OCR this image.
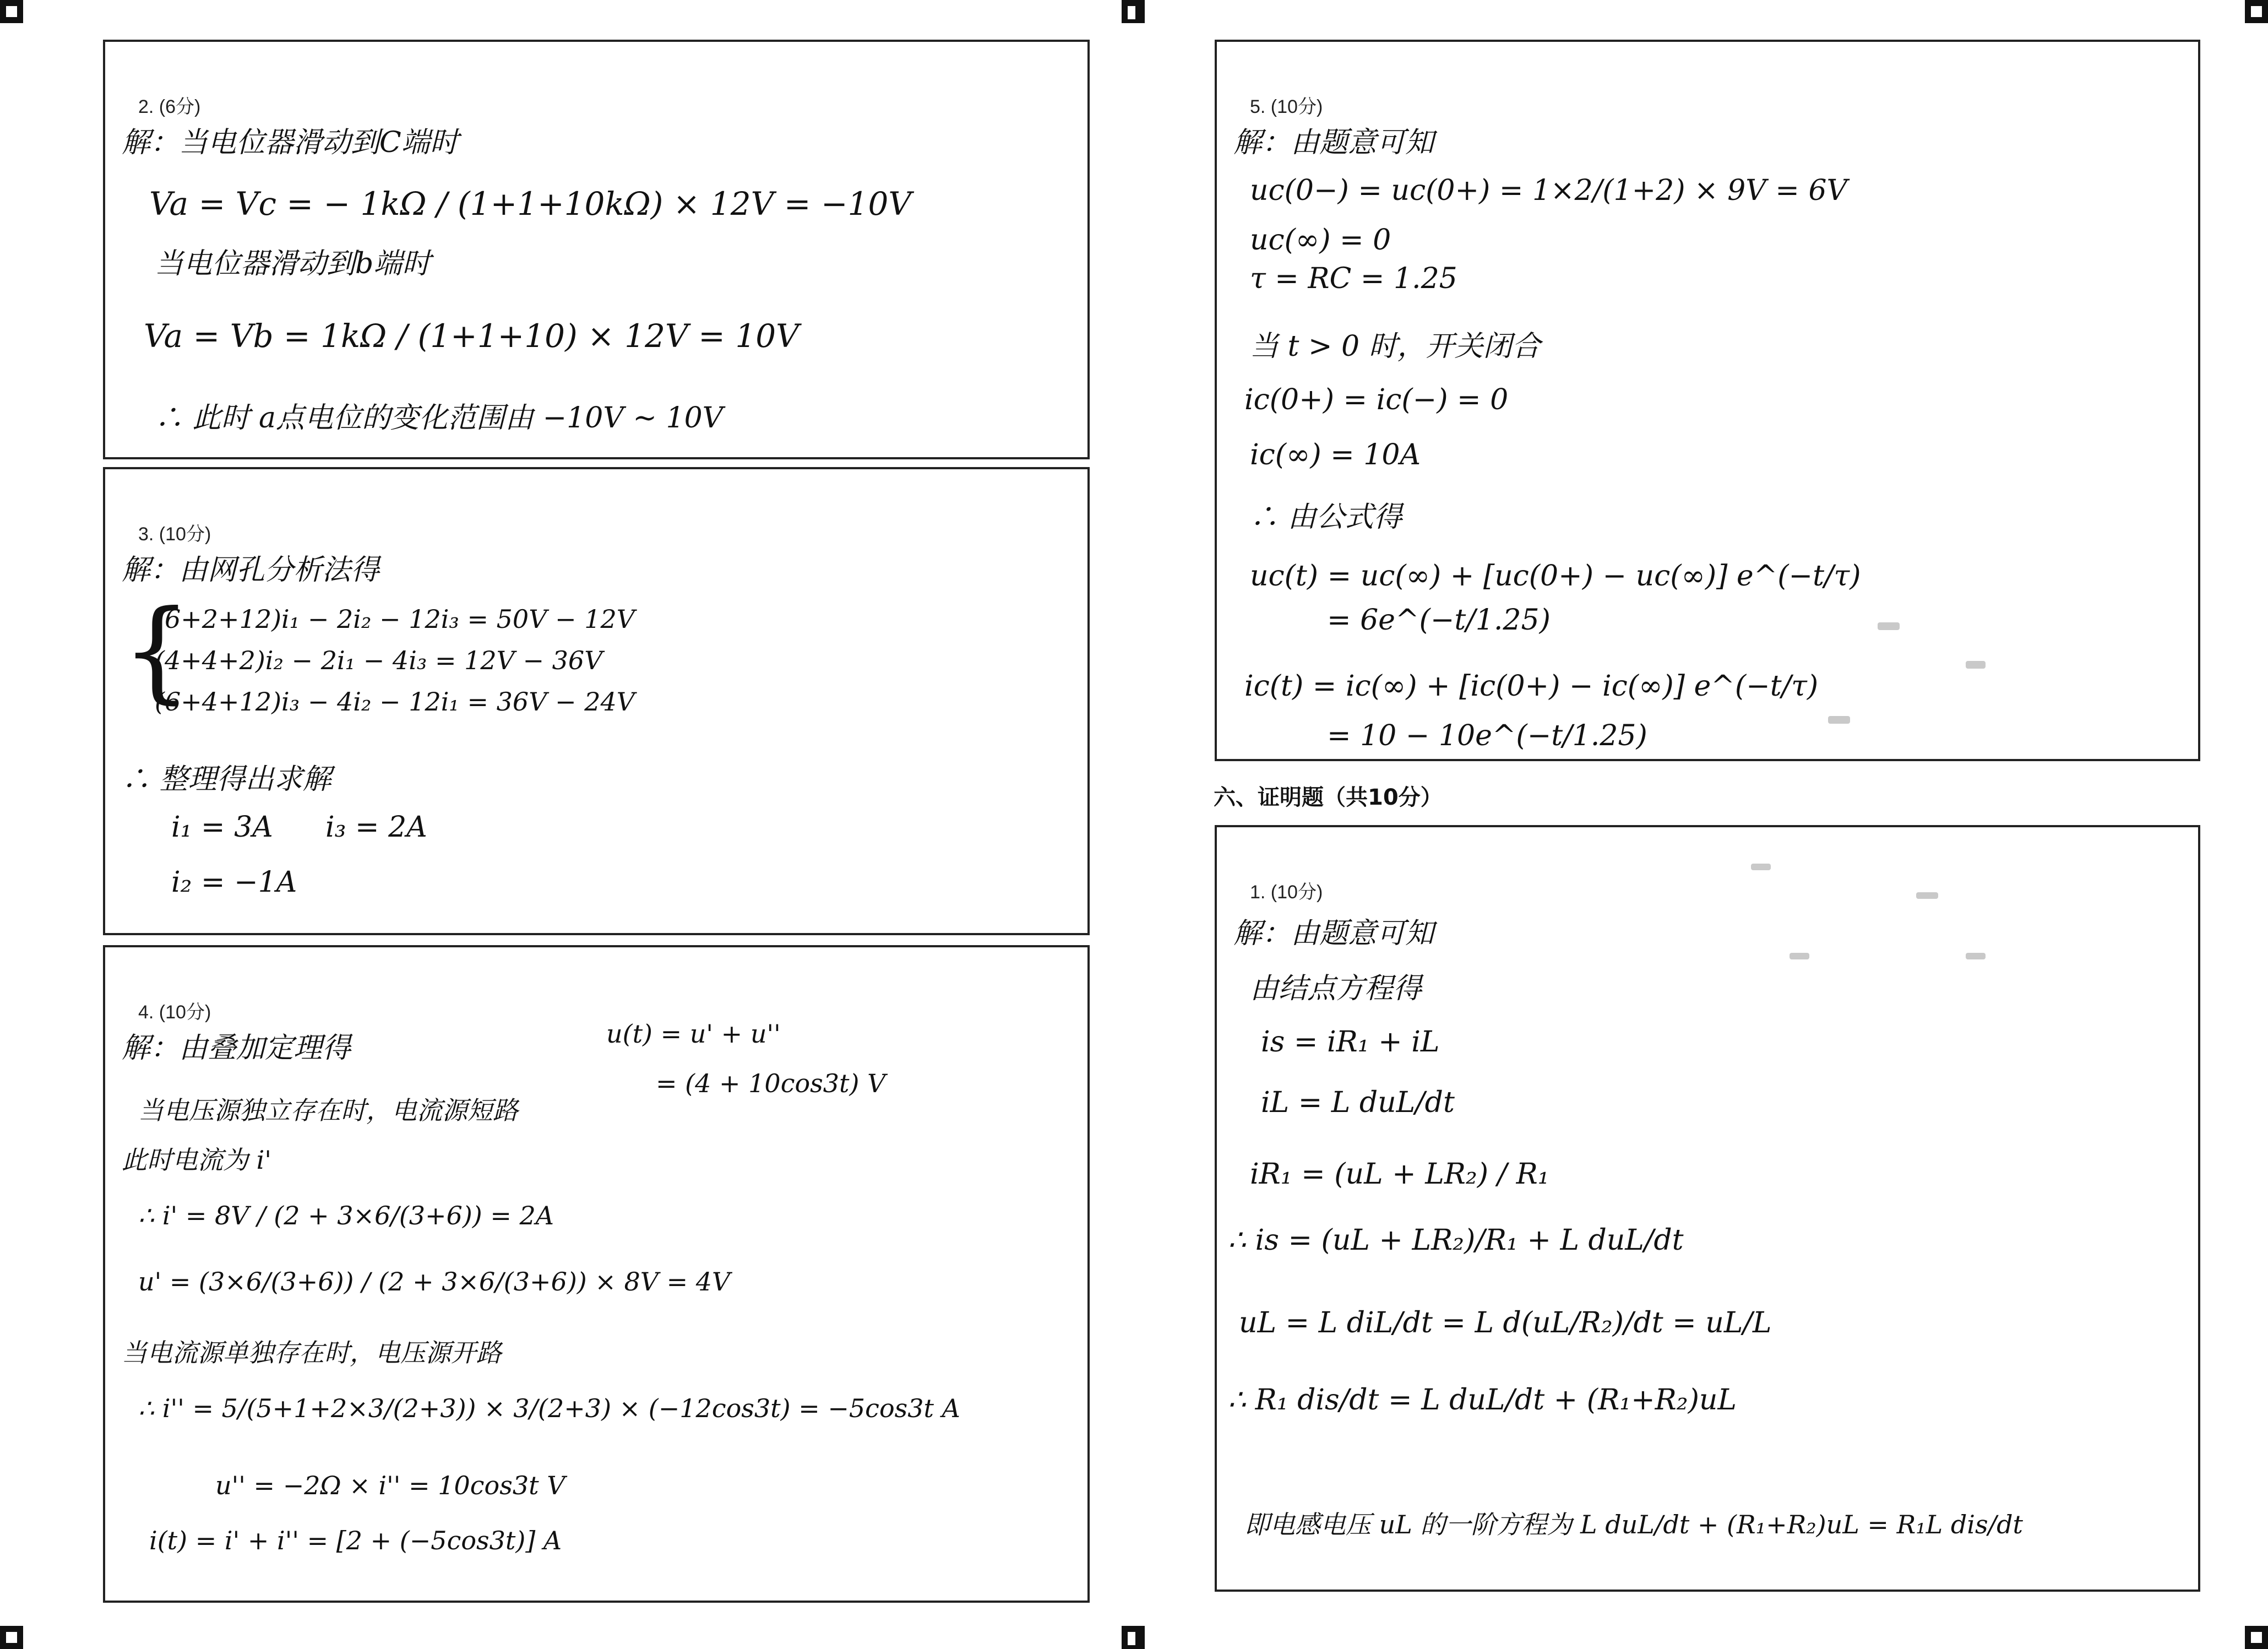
2. (6分)
解：当电位器滑动到C端时
Va = Vc = − 1kΩ / (1+1+10kΩ) × 12V = −10V
当电位器滑动到b端时
Va = Vb = 1kΩ / (1+1+10) × 12V = 10V
∴ 此时 a点电位的变化范围由 −10V ~ 10V
3. (10分)
解：由网孔分析法得
{
(6+2+12)i₁ − 2i₂ − 12i₃ = 50V − 12V
(4+4+2)i₂ − 2i₁ − 4i₃ = 12V − 36V
(6+4+12)i₃ − 4i₂ − 12i₁ = 36V − 24V
∴ 整理得出求解
i₁ = 3A i₃ = 2A
i₂ = −1A
4. (10分)
解：由叠加定理得
当电压源独立存在时，电流源短路
此时电流为 i'
∴ i' = 8V / (2 + 3×6/(3+6)) = 2A
u' = (3×6/(3+6)) / (2 + 3×6/(3+6)) × 8V = 4V
当电流源单独存在时，电压源开路
∴ i'' = 5/(5+1+2×3/(2+3)) × 3/(2+3) × (−12cos3t) = −5cos3t A
u'' = −2Ω × i'' = 10cos3t V
i(t) = i' + i'' = [2 + (−5cos3t)] A
u(t) = u' + u''
= (4 + 10cos3t) V
5. (10分)
解：由题意可知
uc(0−) = uc(0+) = 1×2/(1+2) × 9V = 6V
uc(∞) = 0
τ = RC = 1.25
当 t > 0 时，开关闭合
ic(0+) = ic(−) = 0
ic(∞) = 10A
∴ 由公式得
uc(t) = uc(∞) + [uc(0+) − uc(∞)] e^(−t/τ)
= 6e^(−t/1.25)
ic(t) = ic(∞) + [ic(0+) − ic(∞)] e^(−t/τ)
= 10 − 10e^(−t/1.25)
六、证明题（共10分）
1. (10分)
解：由题意可知
由结点方程得
is = iR₁ + iL
iL = L duL/dt
iR₁ = (uL + LR₂) / R₁
∴ is = (uL + LR₂)/R₁ + L duL/dt
uL = L diL/dt = L d(uL/R₂)/dt = uL/L
∴ R₁ dis/dt = L duL/dt + (R₁+R₂)uL
即电感电压 uL 的一阶方程为 L duL/dt + (R₁+R₂)uL = R₁L dis/dt
